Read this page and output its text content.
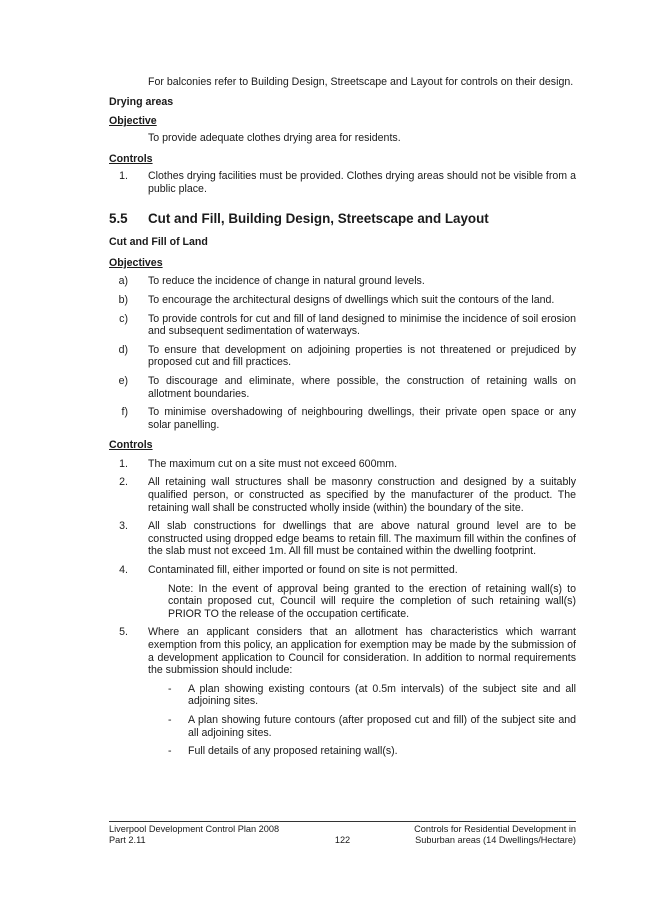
For balconies refer to Building Design, Streetscape and Layout for controls on their design.

Drying areas

Objective

To provide adequate clothes drying area for residents.

Controls

1.	Clothes drying facilities must be provided. Clothes drying areas should not be visible from a public place.
5.5	Cut and Fill, Building Design, Streetscape and Layout

Cut and Fill of Land

Objectives

a)	To reduce the incidence of change in natural ground levels.
b)	To encourage the architectural designs of dwellings which suit the contours of the land.
c)	To provide controls for cut and fill of land designed to minimise the incidence of soil erosion and subsequent sedimentation of waterways.
d)	To ensure that development on adjoining properties is not threatened or prejudiced by proposed cut and fill practices.
e)	To discourage and eliminate, where possible, the construction of retaining walls on allotment boundaries.
f)	To minimise overshadowing of neighbouring dwellings, their private open space or any solar panelling.

Controls

1.	The maximum cut on a site must not exceed 600mm.
2.	All retaining wall structures shall be masonry construction and designed by a suitably qualified person, or constructed as specified by the manufacturer of the product. The retaining wall shall be constructed wholly inside (within) the boundary of the site.
3.	All slab constructions for dwellings that are above natural ground level are to be constructed using dropped edge beams to retain fill. The maximum fill within the confines of the slab must not exceed 1m. All fill must be contained within the dwelling footprint.
4.	Contaminated fill, either imported or found on site is not permitted.

Note: In the event of approval being granted to the erection of retaining wall(s) to contain proposed cut, Council will require the completion of such retaining wall(s) PRIOR TO the release of the occupation certificate.

5.	Where an applicant considers that an allotment has characteristics which warrant exemption from this policy, an application for exemption may be made by the submission of a development application to Council for consideration. In addition to normal requirements the submission should include:
-	A plan showing existing contours (at 0.5m intervals) of the subject site and all adjoining sites.
-	A plan showing future contours (after proposed cut and fill) of the subject site and all adjoining sites.
-	Full details of any proposed retaining wall(s).
Liverpool Development Control Plan 2008
Part 2.11	122
Controls for Residential Development in
Suburban areas (14 Dwellings/Hectare)
